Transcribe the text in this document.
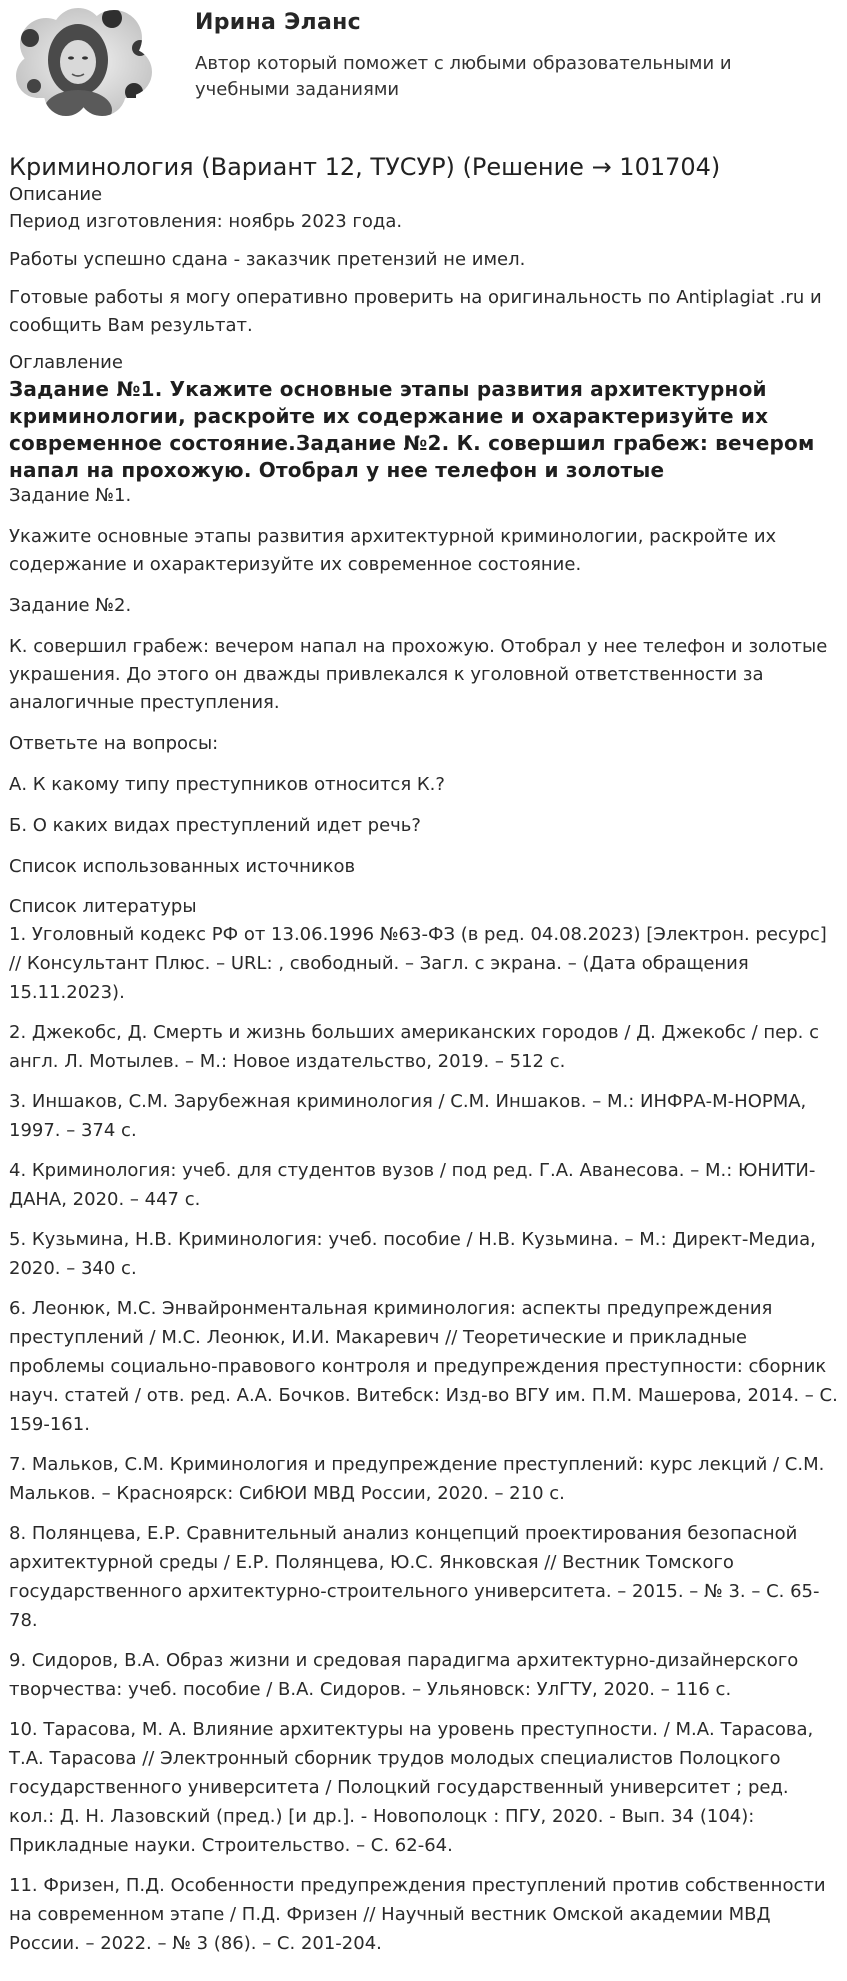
Ирина Эланс
Автор который поможет с любыми образовательными и учебными заданиями
Криминология (Вариант 12, ТУСУР) (Решение → 101704)
Описание

Период изготовления: ноябрь 2023 года.

Работы успешно сдана - заказчик претензий не имел.

Готовые работы я могу оперативно проверить на оригинальность по Antiplagiat .ru и сообщить Вам результат.

Оглавление
Задание №1. Укажите основные этапы развития архитектурной криминологии, раскройте их содержание и охарактеризуйте их современное состояние.Задание №2. К. совершил грабеж: вечером напал на прохожую. Отобрал у нее телефон и золотые

Задание №1.

Укажите основные этапы развития архитектурной криминологии, раскройте их содержание и охарактеризуйте их современное состояние.

Задание №2.

К. совершил грабеж: вечером напал на прохожую. Отобрал у нее телефон и золотые украшения. До этого он дважды привлекался к уголовной ответственности за аналогичные преступления.

Ответьте на вопросы:

А. К какому типу преступников относится К.?

Б. О каких видах преступлений идет речь?

Список использованных источников

Список литературы
1. Уголовный кодекс РФ от 13.06.1996 №63-ФЗ (в ред. 04.08.2023) [Электрон. ресурс] // Консультант Плюс. – URL: , свободный. – Загл. с экрана. – (Дата обращения 15.11.2023).
2. Джекобс, Д. Смерть и жизнь больших американских городов / Д. Джекобс / пер. с англ. Л. Мотылев. – М.: Новое издательство, 2019. – 512 с.
3. Иншаков, С.М. Зарубежная криминология / С.М. Иншаков. – М.: ИНФРА-М-НОРМА, 1997. – 374 с.
4. Криминология: учеб. для студентов вузов / под ред. Г.А. Аванесова. – М.: ЮНИТИ-ДАНА, 2020. – 447 с.
5. Кузьмина, Н.В. Криминология: учеб. пособие / Н.В. Кузьмина. – М.: Директ-Медиа, 2020. – 340 с.
6. Леонюк, М.С. Энвайронментальная криминология: аспекты предупреждения преступлений / М.С. Леонюк, И.И. Макаревич // Теоретические и прикладные проблемы социально-правового контроля и предупреждения преступности: сборник науч. статей / отв. ред. А.А. Бочков. Витебск: Изд-во ВГУ им. П.М. Машерова, 2014. – С. 159-161.
7. Мальков, С.М. Криминология и предупреждение преступлений: курс лекций / С.М. Мальков. – Красноярск: СибЮИ МВД России, 2020. – 210 с.
8. Полянцева, Е.Р. Сравнительный анализ концепций проектирования безопасной архитектурной среды / Е.Р. Полянцева, Ю.С. Янковская // Вестник Томского государственного архитектурно-строительного университета. – 2015. – № 3. – С. 65-78.
9. Сидоров, В.А. Образ жизни и средовая парадигма архитектурно-дизайнерского творчества: учеб. пособие / В.А. Сидоров. – Ульяновск: УлГТУ, 2020. – 116 с.
10. Тарасова, М. А. Влияние архитектуры на уровень преступности. / М.А. Тарасова, Т.А. Тарасова // Электронный сборник трудов молодых специалистов Полоцкого государственного университета / Полоцкий государственный университет ; ред. кол.: Д. Н. Лазовский (пред.) [и др.]. - Новополоцк : ПГУ, 2020. - Вып. 34 (104): Прикладные науки. Строительство. – С. 62-64.
11. Фризен, П.Д. Особенности предупреждения преступлений против собственности на современном этапе / П.Д. Фризен // Научный вестник Омской академии МВД России. – 2022. – № 3 (86). – С. 201-204.
